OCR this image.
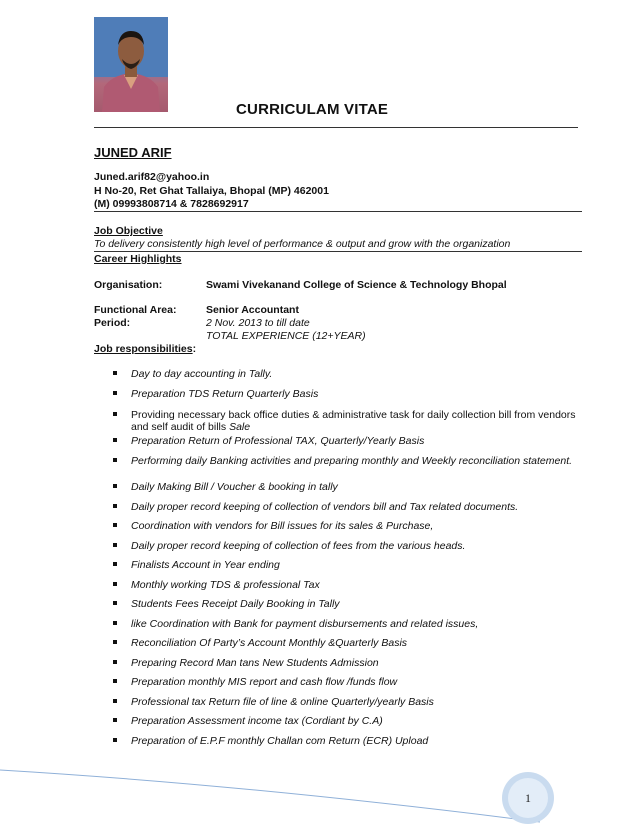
CURRICULAM VITAE
JUNED ARIF
Juned.arif82@yahoo.in
H No-20, Ret Ghat Tallaiya, Bhopal (MP) 462001
(M) 09993808714 & 7828692917
Job Objective
To delivery consistently high level of performance & output and grow with the organization
Career Highlights
Organisation:	Swami Vivekanand College of Science & Technology Bhopal
Functional Area:	Senior Accountant
Period:	2 Nov. 2013 to till date
TOTAL EXPERIENCE (12+YEAR)
Job responsibilities:
Day to day accounting in Tally.
Preparation TDS Return Quarterly Basis
Providing necessary back office duties & administrative task for daily collection bill from vendors and self audit of bills Sale
Preparation Return of Professional TAX, Quarterly/Yearly Basis
Performing daily Banking activities and preparing monthly and Weekly reconciliation statement.
Daily Making Bill / Voucher & booking in tally
Daily proper record keeping of collection of vendors bill and Tax related documents.
Coordination with vendors for Bill issues for its sales & Purchase,
Daily proper record keeping of collection of fees from the various heads.
Finalists Account in Year ending
Monthly working TDS & professional Tax
Students Fees Receipt Daily Booking in Tally
like Coordination with Bank for payment disbursements and related issues,
Reconciliation Of Party’s Account Monthly &Quarterly Basis
Preparing Record Man tans New Students Admission
Preparation monthly MIS report and cash flow /funds flow
Professional tax Return file of line & online Quarterly/yearly Basis
Preparation Assessment income tax (Cordiant by C.A)
Preparation of E.P.F monthly Challan com Return (ECR) Upload
1
